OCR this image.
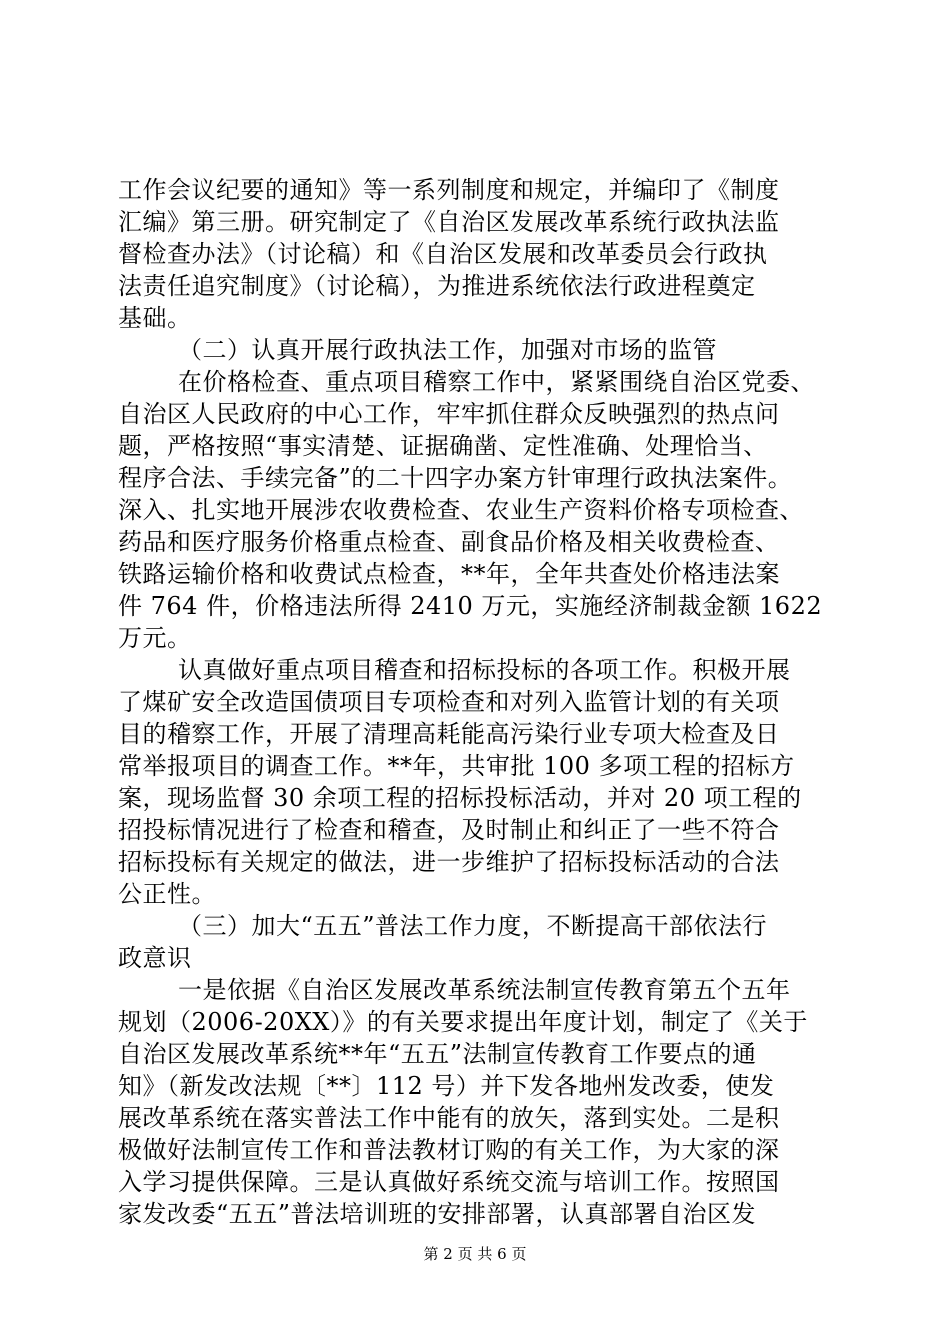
工作会议纪要的通知》等一系列制度和规定，并编印了《制度
汇编》第三册。研究制定了《自治区发展改革系统行政执法监
督检查办法》（讨论稿）和《自治区发展和改革委员会行政执
法责任追究制度》（讨论稿），为推进系统依法行政进程奠定
基础。
（二）认真开展行政执法工作，加强对市场的监管
在价格检查、重点项目稽察工作中，紧紧围绕自治区党委、
自治区人民政府的中心工作，牢牢抓住群众反映强烈的热点问
题，严格按照“事实清楚、证据确凿、定性准确、处理恰当、
程序合法、手续完备”的二十四字办案方针审理行政执法案件。
深入、扎实地开展涉农收费检查、农业生产资料价格专项检查、
药品和医疗服务价格重点检查、副食品价格及相关收费检查、
铁路运输价格和收费试点检查，**年，全年共查处价格违法案
件 764 件，价格违法所得 2410 万元，实施经济制裁金额 1622
万元。
认真做好重点项目稽查和招标投标的各项工作。积极开展
了煤矿安全改造国债项目专项检查和对列入监管计划的有关项
目的稽察工作，开展了清理高耗能高污染行业专项大检查及日
常举报项目的调查工作。**年，共审批 100 多项工程的招标方
案，现场监督 30 余项工程的招标投标活动，并对 20 项工程的
招投标情况进行了检查和稽查，及时制止和纠正了一些不符合
招标投标有关规定的做法，进一步维护了招标投标活动的合法
公正性。
（三）加大“五五”普法工作力度，不断提高干部依法行
政意识
一是依据《自治区发展改革系统法制宣传教育第五个五年
规划（2006-20XX）》的有关要求提出年度计划，制定了《关于
自治区发展改革系统**年“五五”法制宣传教育工作要点的通
知》（新发改法规〔**〕112 号）并下发各地州发改委，使发
展改革系统在落实普法工作中能有的放矢，落到实处。二是积
极做好法制宣传工作和普法教材订购的有关工作，为大家的深
入学习提供保障。三是认真做好系统交流与培训工作。按照国
家发改委“五五”普法培训班的安排部署，认真部署自治区发
第 2 页 共 6 页
